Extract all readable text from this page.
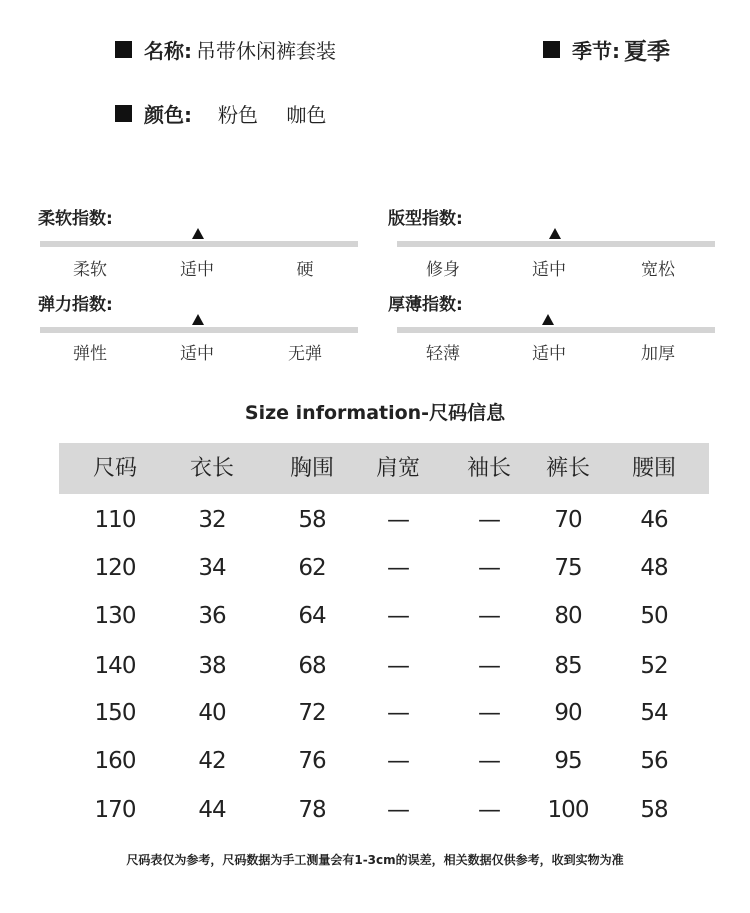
名称: 吊带休闲裤套装	季节: 夏季
颜色:	粉色 咖色
柔软指数:
柔软	适中	硬
版型指数:
修身	适中	宽松
弹力指数:
弹性	适中	无弹
厚薄指数:
轻薄	适中	加厚
Size information-尺码信息
尺码	衣长	胸围	肩宽	袖长	裤长	腰围
110	32	58	—	—	70	46
120	34	62	—	—	75	48
130	36	64	—	—	80	50
140	38	68	—	—	85	52
150	40	72	—	—	90	54
160	42	76	—	—	95	56
170	44	78	—	—	100	58
尺码表仅为参考，尺码数据为手工测量会有1-3cm的误差，相关数据仅供参考，收到实物为准
